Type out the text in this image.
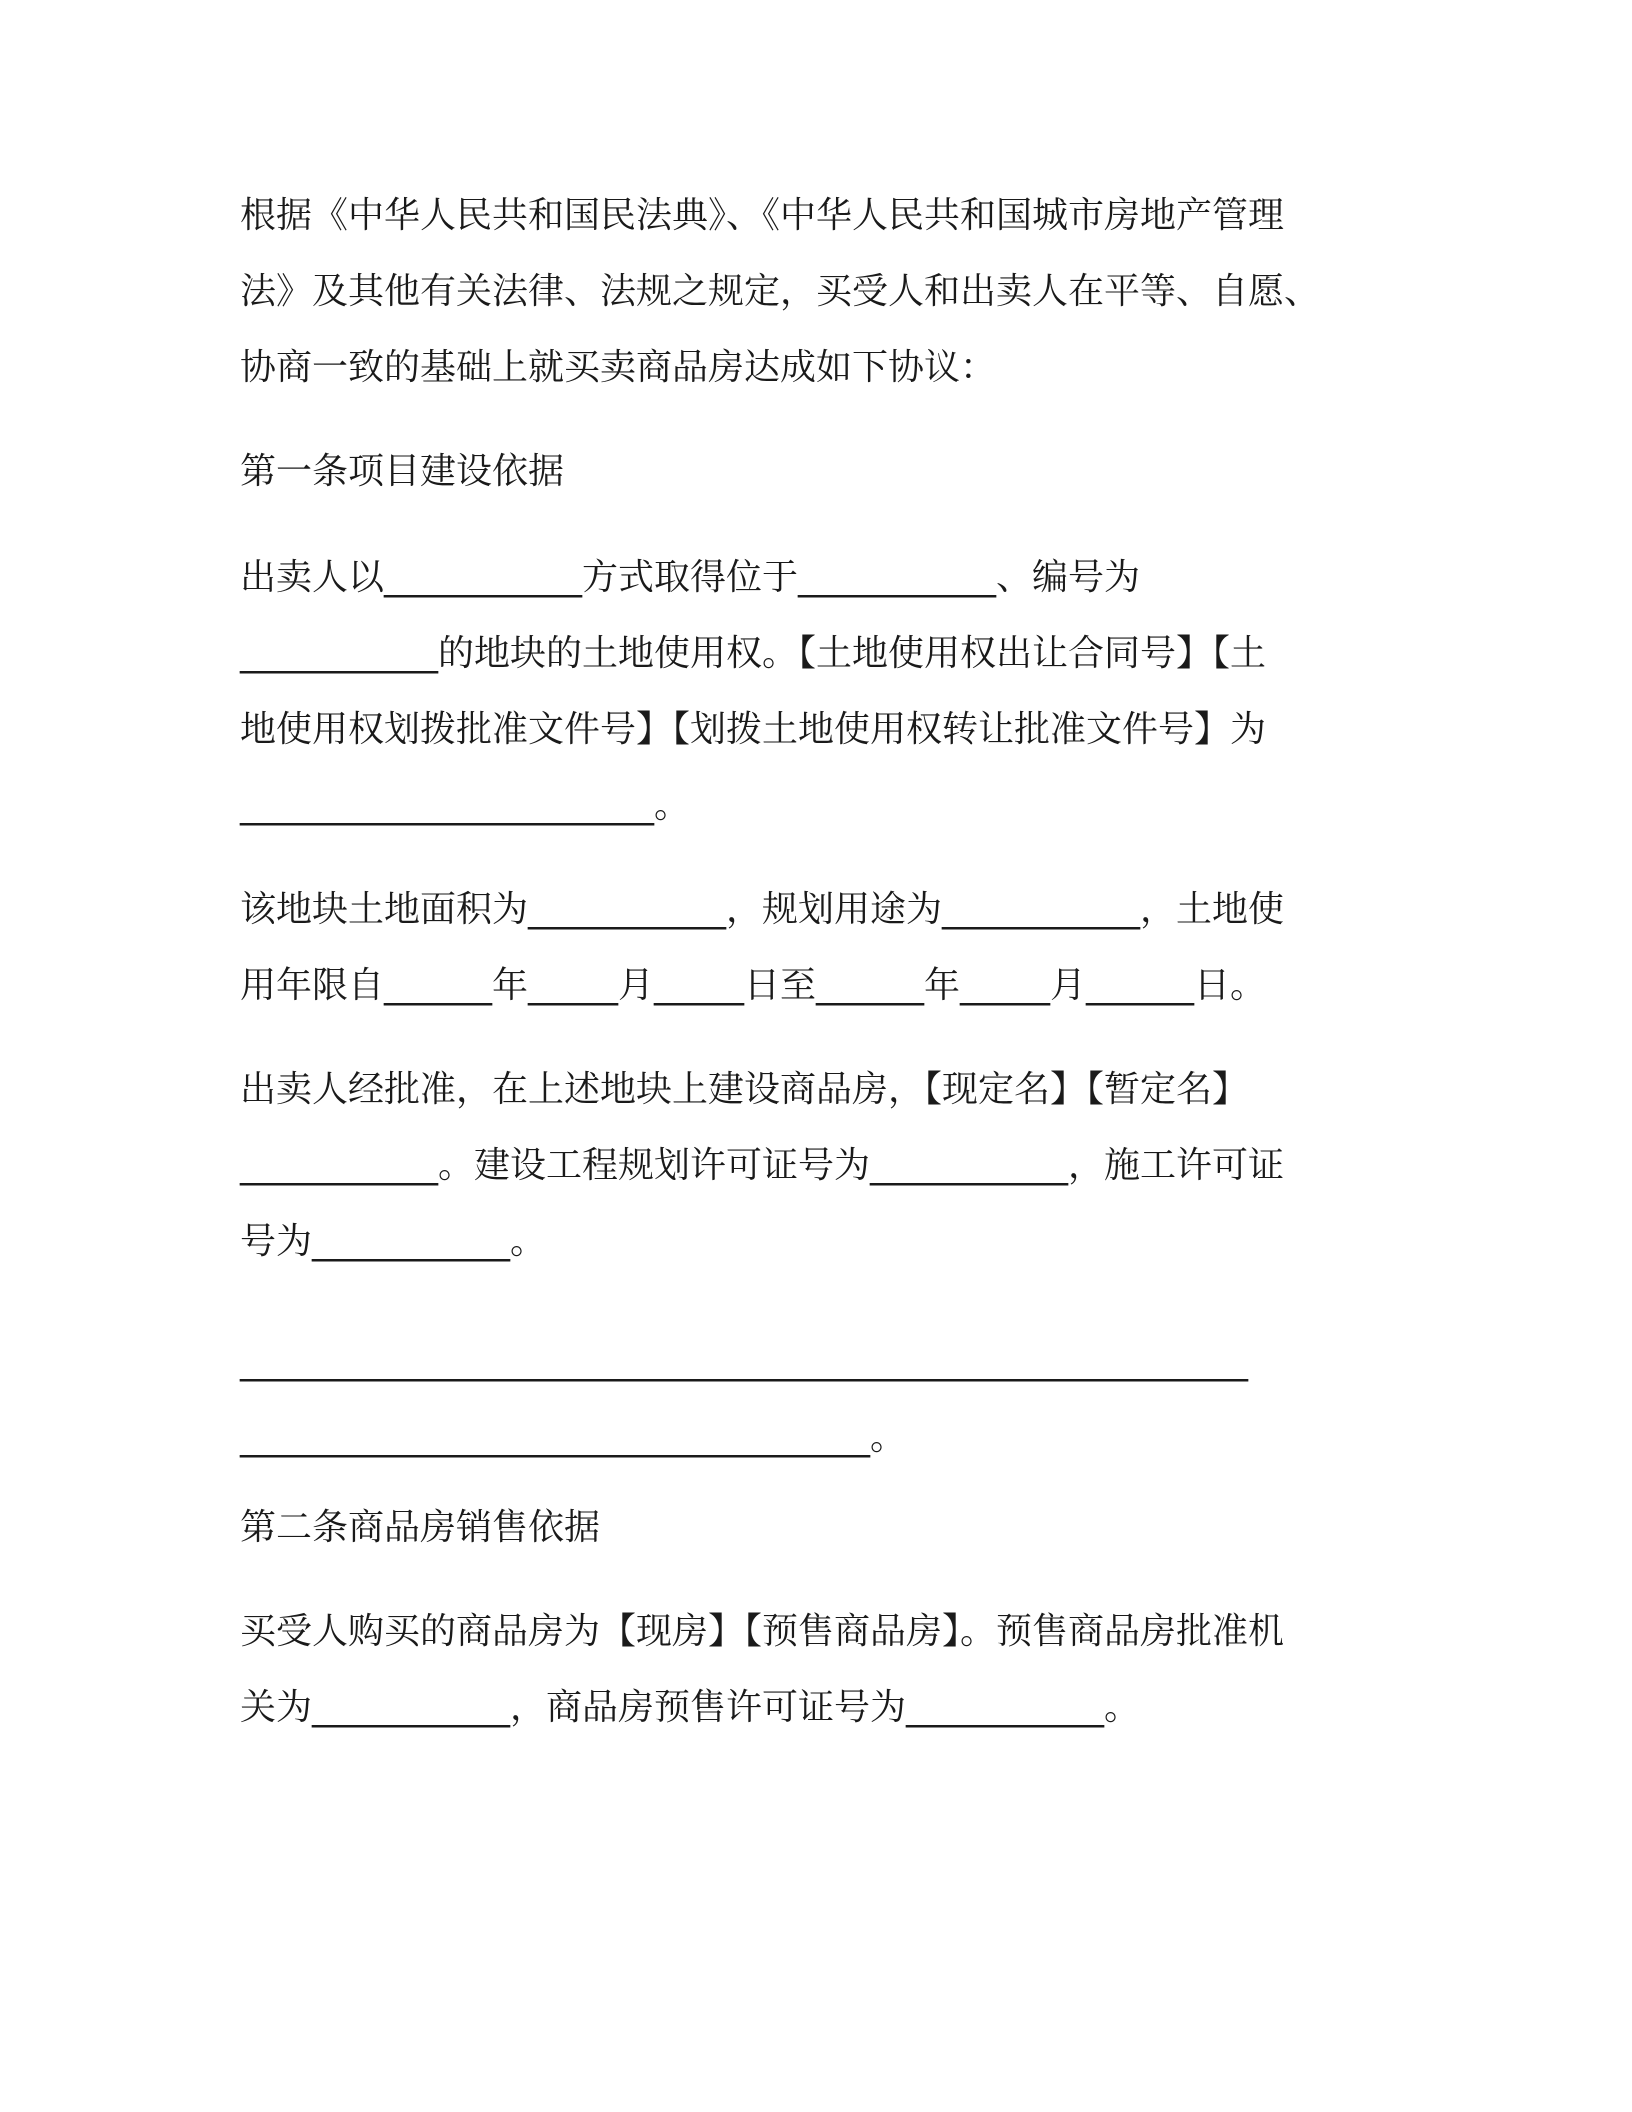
根据《中华人民共和国民法典》、《中华人民共和国城市房地产管理
法》及其他有关法律、法规之规定，买受人和出卖人在平等、自愿、
协商一致的基础上就买卖商品房达成如下协议：
第一条项目建设依据
出卖人以___________方式取得位于___________、编号为
___________的地块的土地使用权。【土地使用权出让合同号】【土
地使用权划拨批准文件号】【划拨土地使用权转让批准文件号】为
_______________________。
该地块土地面积为___________，规划用途为___________，土地使
用年限自______年_____月_____日至______年_____月______日。
出卖人经批准，在上述地块上建设商品房，【现定名】【暂定名】
___________。建设工程规划许可证号为___________，施工许可证
号为___________。
________________________________________________________
___________________________________。
第二条商品房销售依据
买受人购买的商品房为【现房】【预售商品房】。预售商品房批准机
关为___________，商品房预售许可证号为___________。
